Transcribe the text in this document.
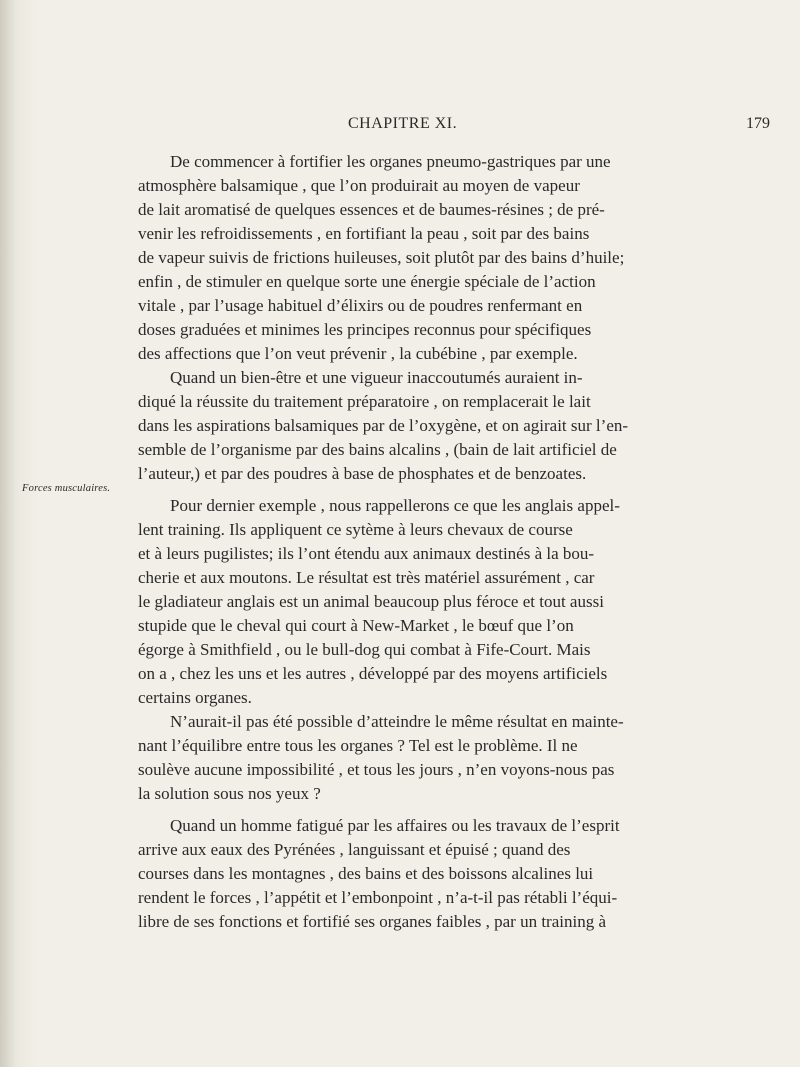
CHAPITRE XI.	179
Forces musculaires.

De commencer à fortifier les organes pneumo-gastriques par une
atmosphère balsamique , que l’on produirait au moyen de vapeur
de lait aromatisé de quelques essences et de baumes-résines ; de pré-
venir les refroidissements , en fortifiant la peau , soit par des bains
de vapeur suivis de frictions huileuses, soit plutôt par des bains d’huile;
enfin , de stimuler en quelque sorte une énergie spéciale de l’action
vitale , par l’usage habituel d’élixirs ou de poudres renfermant en
doses graduées et minimes les principes reconnus pour spécifiques
des affections que l’on veut prévenir , la cubébine , par exemple.

Quand un bien-être et une vigueur inaccoutumés auraient in-
diqué la réussite du traitement préparatoire , on remplacerait le lait
dans les aspirations balsamiques par de l’oxygène, et on agirait sur l’en-
semble de l’organisme par des bains alcalins , (bain de lait artificiel de
l’auteur,) et par des poudres à base de phosphates et de benzoates.

Pour dernier exemple , nous rappellerons ce que les anglais appel-
lent training. Ils appliquent ce sytème à leurs chevaux de course
et à leurs pugilistes; ils l’ont étendu aux animaux destinés à la bou-
cherie et aux moutons. Le résultat est très matériel assurément , car
le gladiateur anglais est un animal beaucoup plus féroce et tout aussi
stupide que le cheval qui court à New-Market , le bœuf que l’on
égorge à Smithfield , ou le bull-dog qui combat à Fife-Court. Mais
on a , chez les uns et les autres , développé par des moyens artificiels
certains organes.

N’aurait-il pas été possible d’atteindre le même résultat en mainte-
nant l’équilibre entre tous les organes ? Tel est le problème. Il ne
soulève aucune impossibilité , et tous les jours , n’en voyons-nous pas
la solution sous nos yeux ?

Quand un homme fatigué par les affaires ou les travaux de l’esprit
arrive aux eaux des Pyrénées , languissant et épuisé ; quand des
courses dans les montagnes , des bains et des boissons alcalines lui
rendent le forces , l’appétit et l’embonpoint , n’a-t-il pas rétabli l’équi-
libre de ses fonctions et fortifié ses organes faibles , par un training à
